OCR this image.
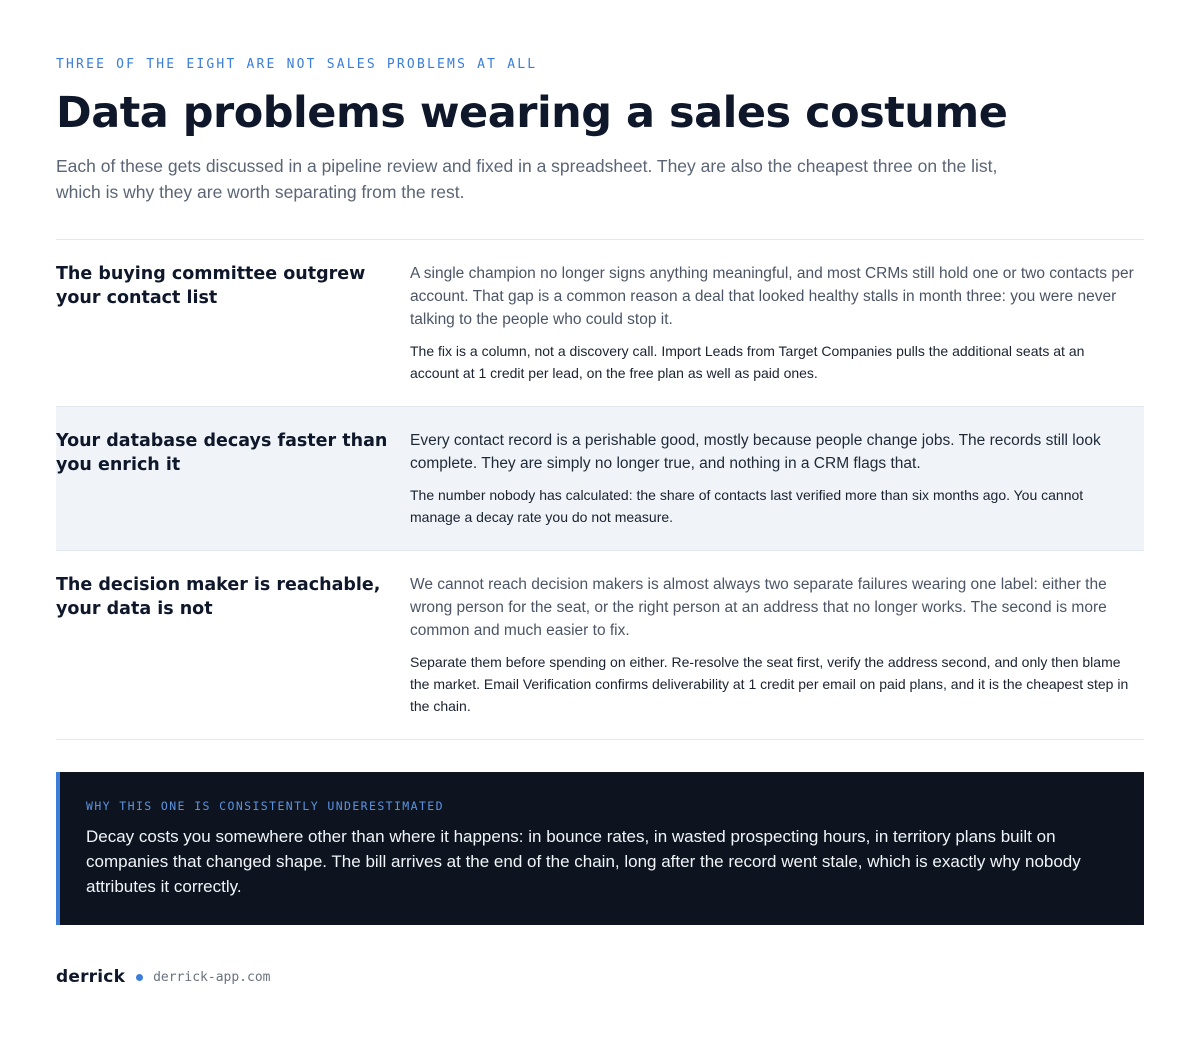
THREE OF THE EIGHT ARE NOT SALES PROBLEMS AT ALL

Data problems wearing a sales costume

Each of these gets discussed in a pipeline review and fixed in a spreadsheet. They are also the cheapest three on the list, which is why they are worth separating from the rest.

The buying committee outgrew your contact list

A single champion no longer signs anything meaningful, and most CRMs still hold one or two contacts per account. That gap is a common reason a deal that looked healthy stalls in month three: you were never talking to the people who could stop it.

The fix is a column, not a discovery call. Import Leads from Target Companies pulls the additional seats at an account at 1 credit per lead, on the free plan as well as paid ones.

Your database decays faster than you enrich it

Every contact record is a perishable good, mostly because people change jobs. The records still look complete. They are simply no longer true, and nothing in a CRM flags that.

The number nobody has calculated: the share of contacts last verified more than six months ago. You cannot manage a decay rate you do not measure.

The decision maker is reachable, your data is not

We cannot reach decision makers is almost always two separate failures wearing one label: either the wrong person for the seat, or the right person at an address that no longer works. The second is more common and much easier to fix.

Separate them before spending on either. Re-resolve the seat first, verify the address second, and only then blame the market. Email Verification confirms deliverability at 1 credit per email on paid plans, and it is the cheapest step in the chain.

WHY THIS ONE IS CONSISTENTLY UNDERESTIMATED

Decay costs you somewhere other than where it happens: in bounce rates, in wasted prospecting hours, in territory plans built on companies that changed shape. The bill arrives at the end of the chain, long after the record went stale, which is exactly why nobody attributes it correctly.

derrick derrick-app.com
